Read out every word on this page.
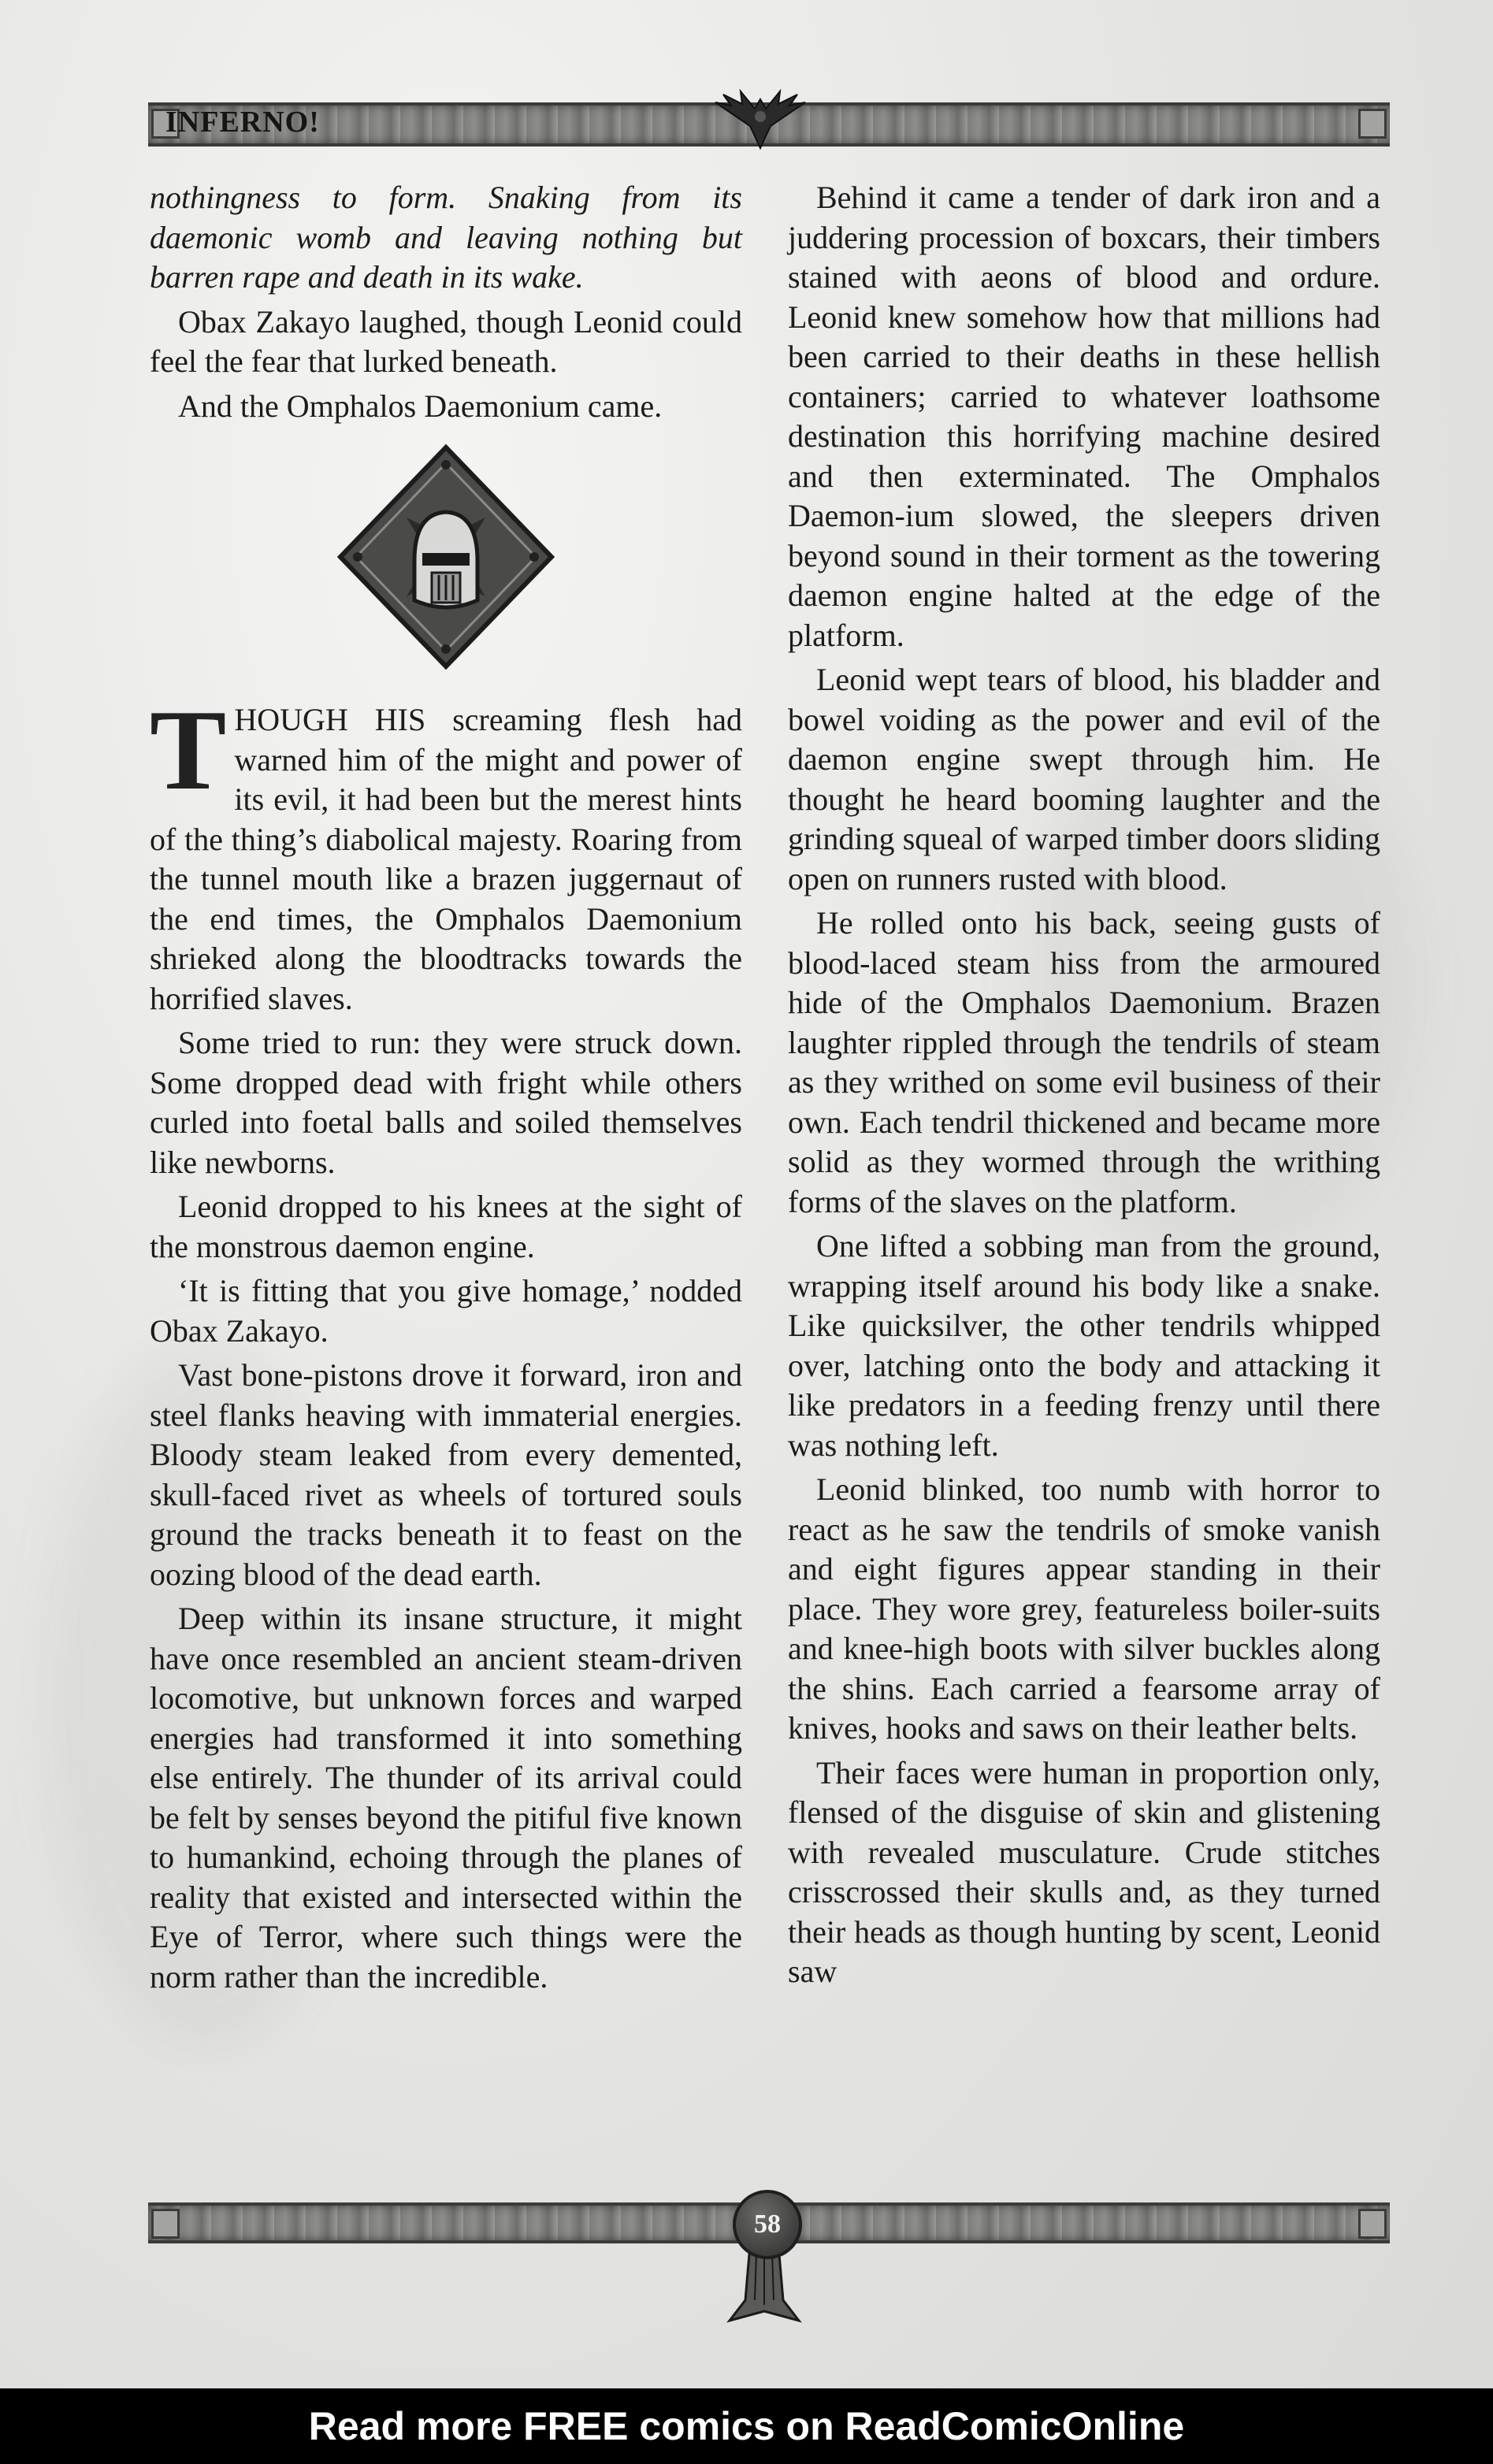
INFERNO!

nothingness to form. Snaking from its daemonic womb and leaving nothing but barren rape and death in its wake.

Obax Zakayo laughed, though Leonid could feel the fear that lurked beneath.

And the Omphalos Daemonium came.

THOUGH HIS screaming flesh had warned him of the might and power of its evil, it had been but the merest hints of the thing’s diabolical majesty. Roaring from the tunnel mouth like a brazen juggernaut of the end times, the Omphalos Daemonium shrieked along the bloodtracks towards the horrified slaves.

Some tried to run: they were struck down. Some dropped dead with fright while others curled into foetal balls and soiled themselves like newborns.

Leonid dropped to his knees at the sight of the monstrous daemon engine.

‘It is fitting that you give homage,’ nodded Obax Zakayo.

Vast bone-pistons drove it forward, iron and steel flanks heaving with immaterial energies. Bloody steam leaked from every demented, skull-faced rivet as wheels of tortured souls ground the tracks beneath it to feast on the oozing blood of the dead earth.

Deep within its insane structure, it might have once resembled an ancient steam-driven locomotive, but unknown forces and warped energies had transformed it into something else entirely. The thunder of its arrival could be felt by senses beyond the pitiful five known to humankind, echoing through the planes of reality that existed and intersected within the Eye of Terror, where such things were the norm rather than the incredible.

Behind it came a tender of dark iron and a juddering procession of boxcars, their timbers stained with aeons of blood and ordure. Leonid knew somehow how that millions had been carried to their deaths in these hellish containers; carried to whatever loathsome destination this horrifying machine desired and then exterminated. The Omphalos Daemon-ium slowed, the sleepers driven beyond sound in their torment as the towering daemon engine halted at the edge of the platform.

Leonid wept tears of blood, his bladder and bowel voiding as the power and evil of the daemon engine swept through him. He thought he heard booming laughter and the grinding squeal of warped timber doors sliding open on runners rusted with blood.

He rolled onto his back, seeing gusts of blood-laced steam hiss from the armoured hide of the Omphalos Daemonium. Brazen laughter rippled through the tendrils of steam as they writhed on some evil business of their own. Each tendril thickened and became more solid as they wormed through the writhing forms of the slaves on the platform.

One lifted a sobbing man from the ground, wrapping itself around his body like a snake. Like quicksilver, the other tendrils whipped over, latching onto the body and attacking it like predators in a feeding frenzy until there was nothing left.

Leonid blinked, too numb with horror to react as he saw the tendrils of smoke vanish and eight figures appear standing in their place. They wore grey, featureless boiler-suits and knee-high boots with silver buckles along the shins. Each carried a fearsome array of knives, hooks and saws on their leather belts.

Their faces were human in proportion only, flensed of the disguise of skin and glistening with revealed musculature. Crude stitches crisscrossed their skulls and, as they turned their heads as though hunting by scent, Leonid saw

58
Read more FREE comics on ReadComicOnline
